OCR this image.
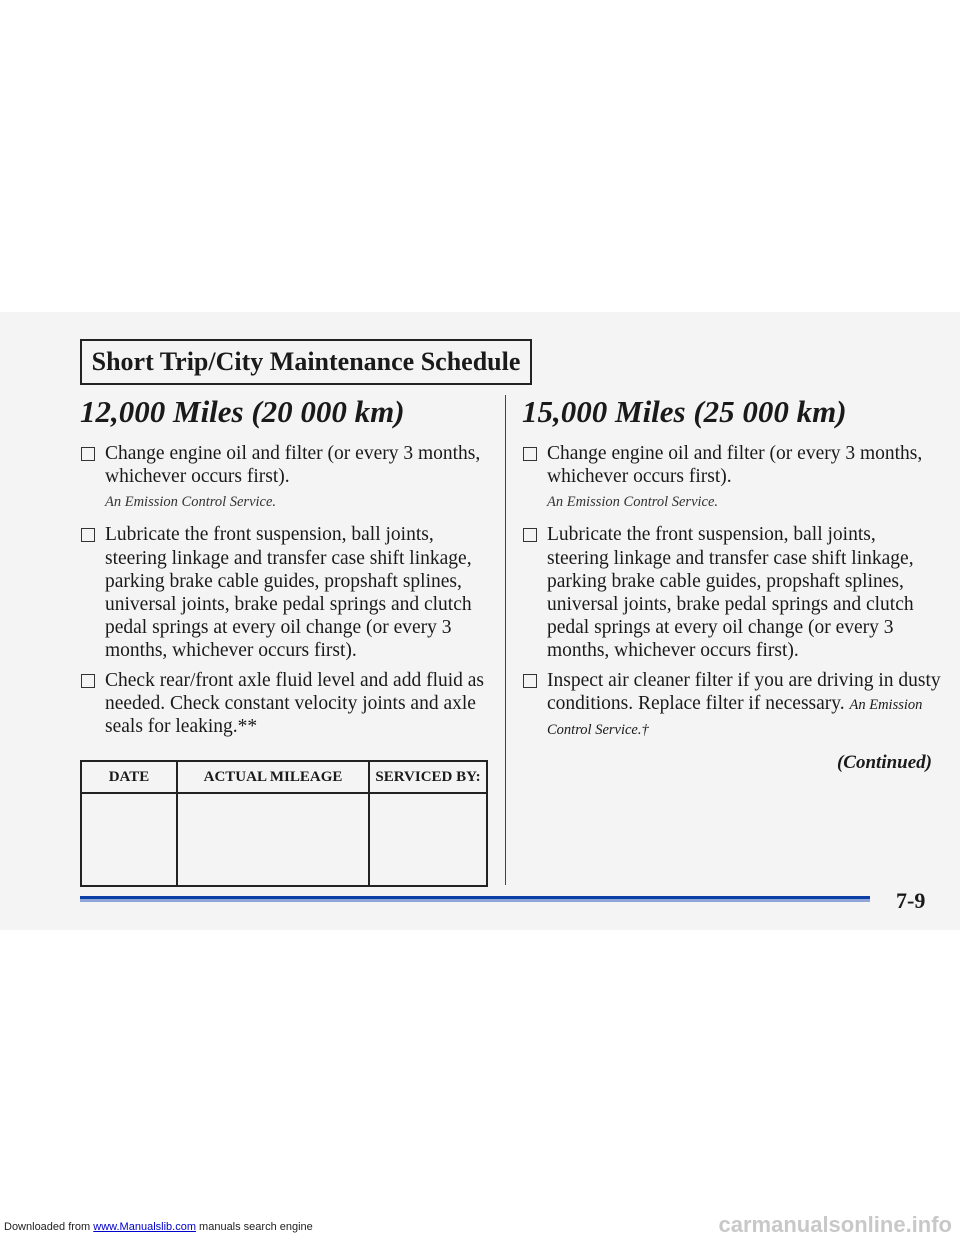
Short Trip/City Maintenance Schedule
12,000 Miles (20 000 km)
Change engine oil and filter (or every 3 months, whichever occurs first).
An Emission Control Service.
Lubricate the front suspension, ball joints, steering linkage and transfer case shift linkage, parking brake cable guides, propshaft splines, universal joints, brake pedal springs and clutch pedal springs at every oil change (or every 3 months, whichever occurs first).
Check rear/front axle fluid level and add fluid as needed. Check constant velocity joints and axle seals for leaking.**
DATE	ACTUAL MILEAGE	SERVICED BY:

15,000 Miles (25 000 km)
Change engine oil and filter (or every 3 months, whichever occurs first).
An Emission Control Service.
Lubricate the front suspension, ball joints, steering linkage and transfer case shift linkage, parking brake cable guides, propshaft splines, universal joints, brake pedal springs and clutch pedal springs at every oil change (or every 3 months, whichever occurs first).
Inspect air cleaner filter if you are driving in dusty conditions. Replace filter if necessary. An Emission Control Service.†
(Continued)
7-9
Downloaded from www.Manualslib.com manuals search engine	carmanualsonline.info
